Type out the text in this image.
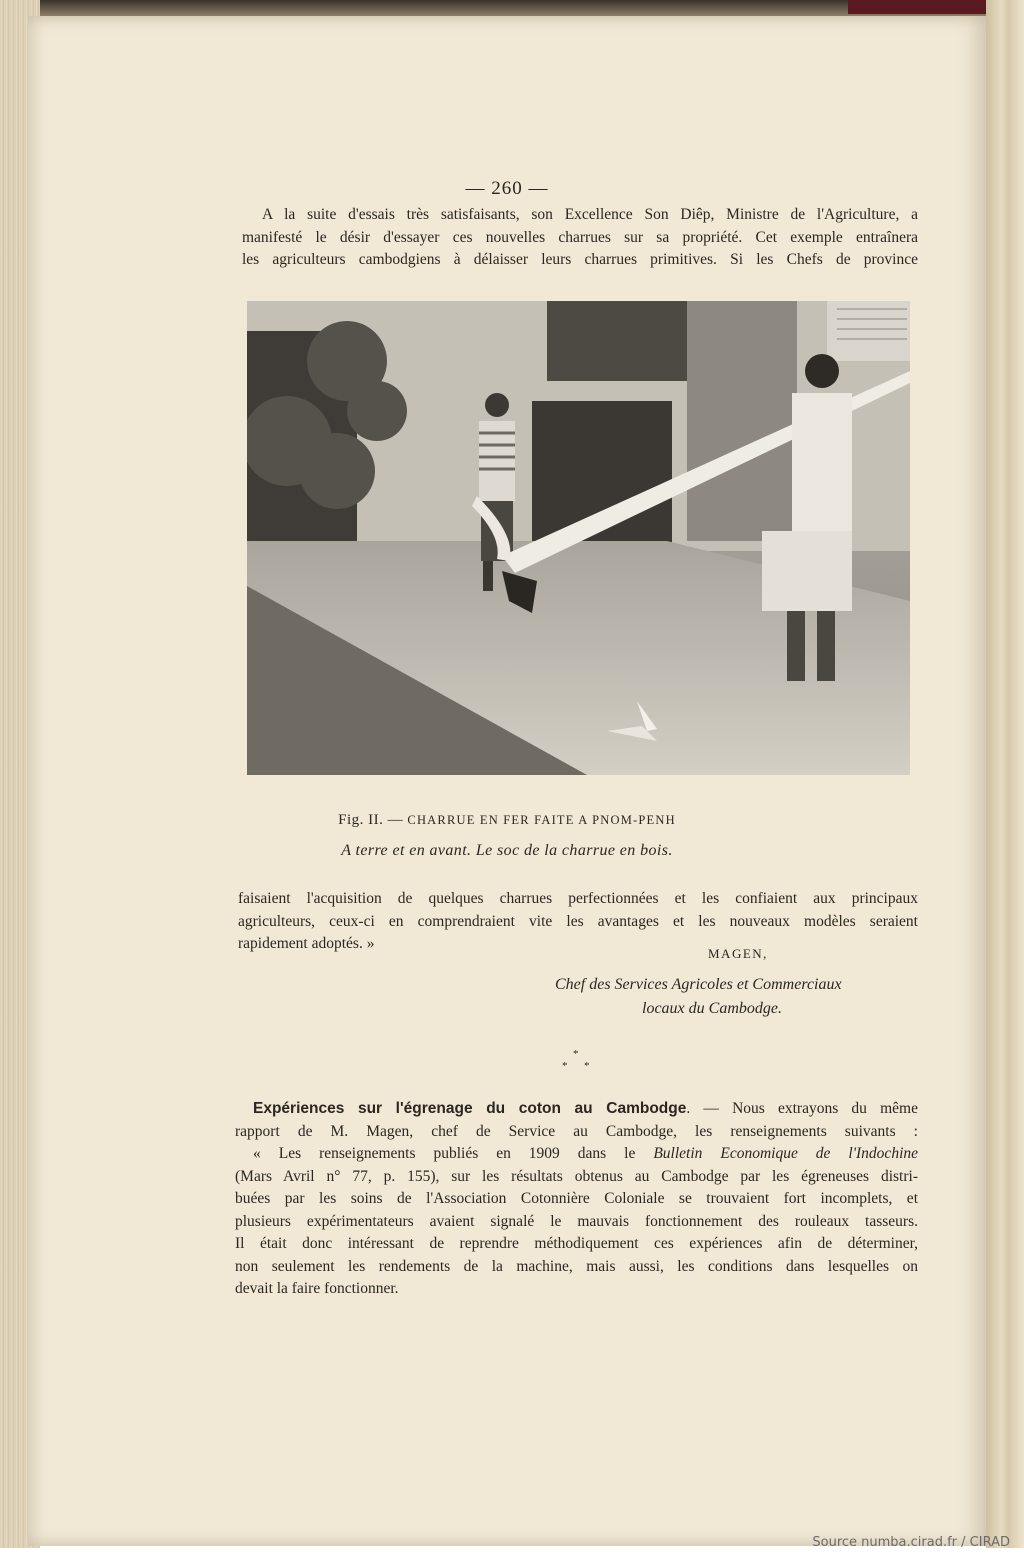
— 260 —
A la suite d'essais très satisfaisants, son Excellence Son Diêp, Ministre de l'Agriculture, a
manifesté le désir d'essayer ces nouvelles charrues sur sa propriété. Cet exemple entraînera
les agriculteurs cambodgiens à délaisser leurs charrues primitives. Si les Chefs de province
Fig. II. — CHARRUE EN FER FAITE A PNOM-PENH
A terre et en avant. Le soc de la charrue en bois.
faisaient l'acquisition de quelques charrues perfectionnées et les confiaient aux principaux
agriculteurs, ceux-ci en comprendraient vite les avantages et les nouveaux modèles seraient
rapidement adoptés. »
MAGEN,
Chef des Services Agricoles et Commerciaux
locaux du Cambodge.
*
* *
Expériences sur l'égrenage du coton au Cambodge. — Nous extrayons du même
rapport de M. Magen, chef de Service au Cambodge, les renseignements suivants :
« Les renseignements publiés en 1909 dans le Bulletin Economique de l'Indochine
(Mars Avril n° 77, p. 155), sur les résultats obtenus au Cambodge par les égreneuses distri-
buées par les soins de l'Association Cotonnière Coloniale se trouvaient fort incomplets, et
plusieurs expérimentateurs avaient signalé le mauvais fonctionnement des rouleaux tasseurs.
Il était donc intéressant de reprendre méthodiquement ces expériences afin de déterminer,
non seulement les rendements de la machine, mais aussi, les conditions dans lesquelles on
devait la faire fonctionner.
Source numba.cirad.fr / CIRAD
